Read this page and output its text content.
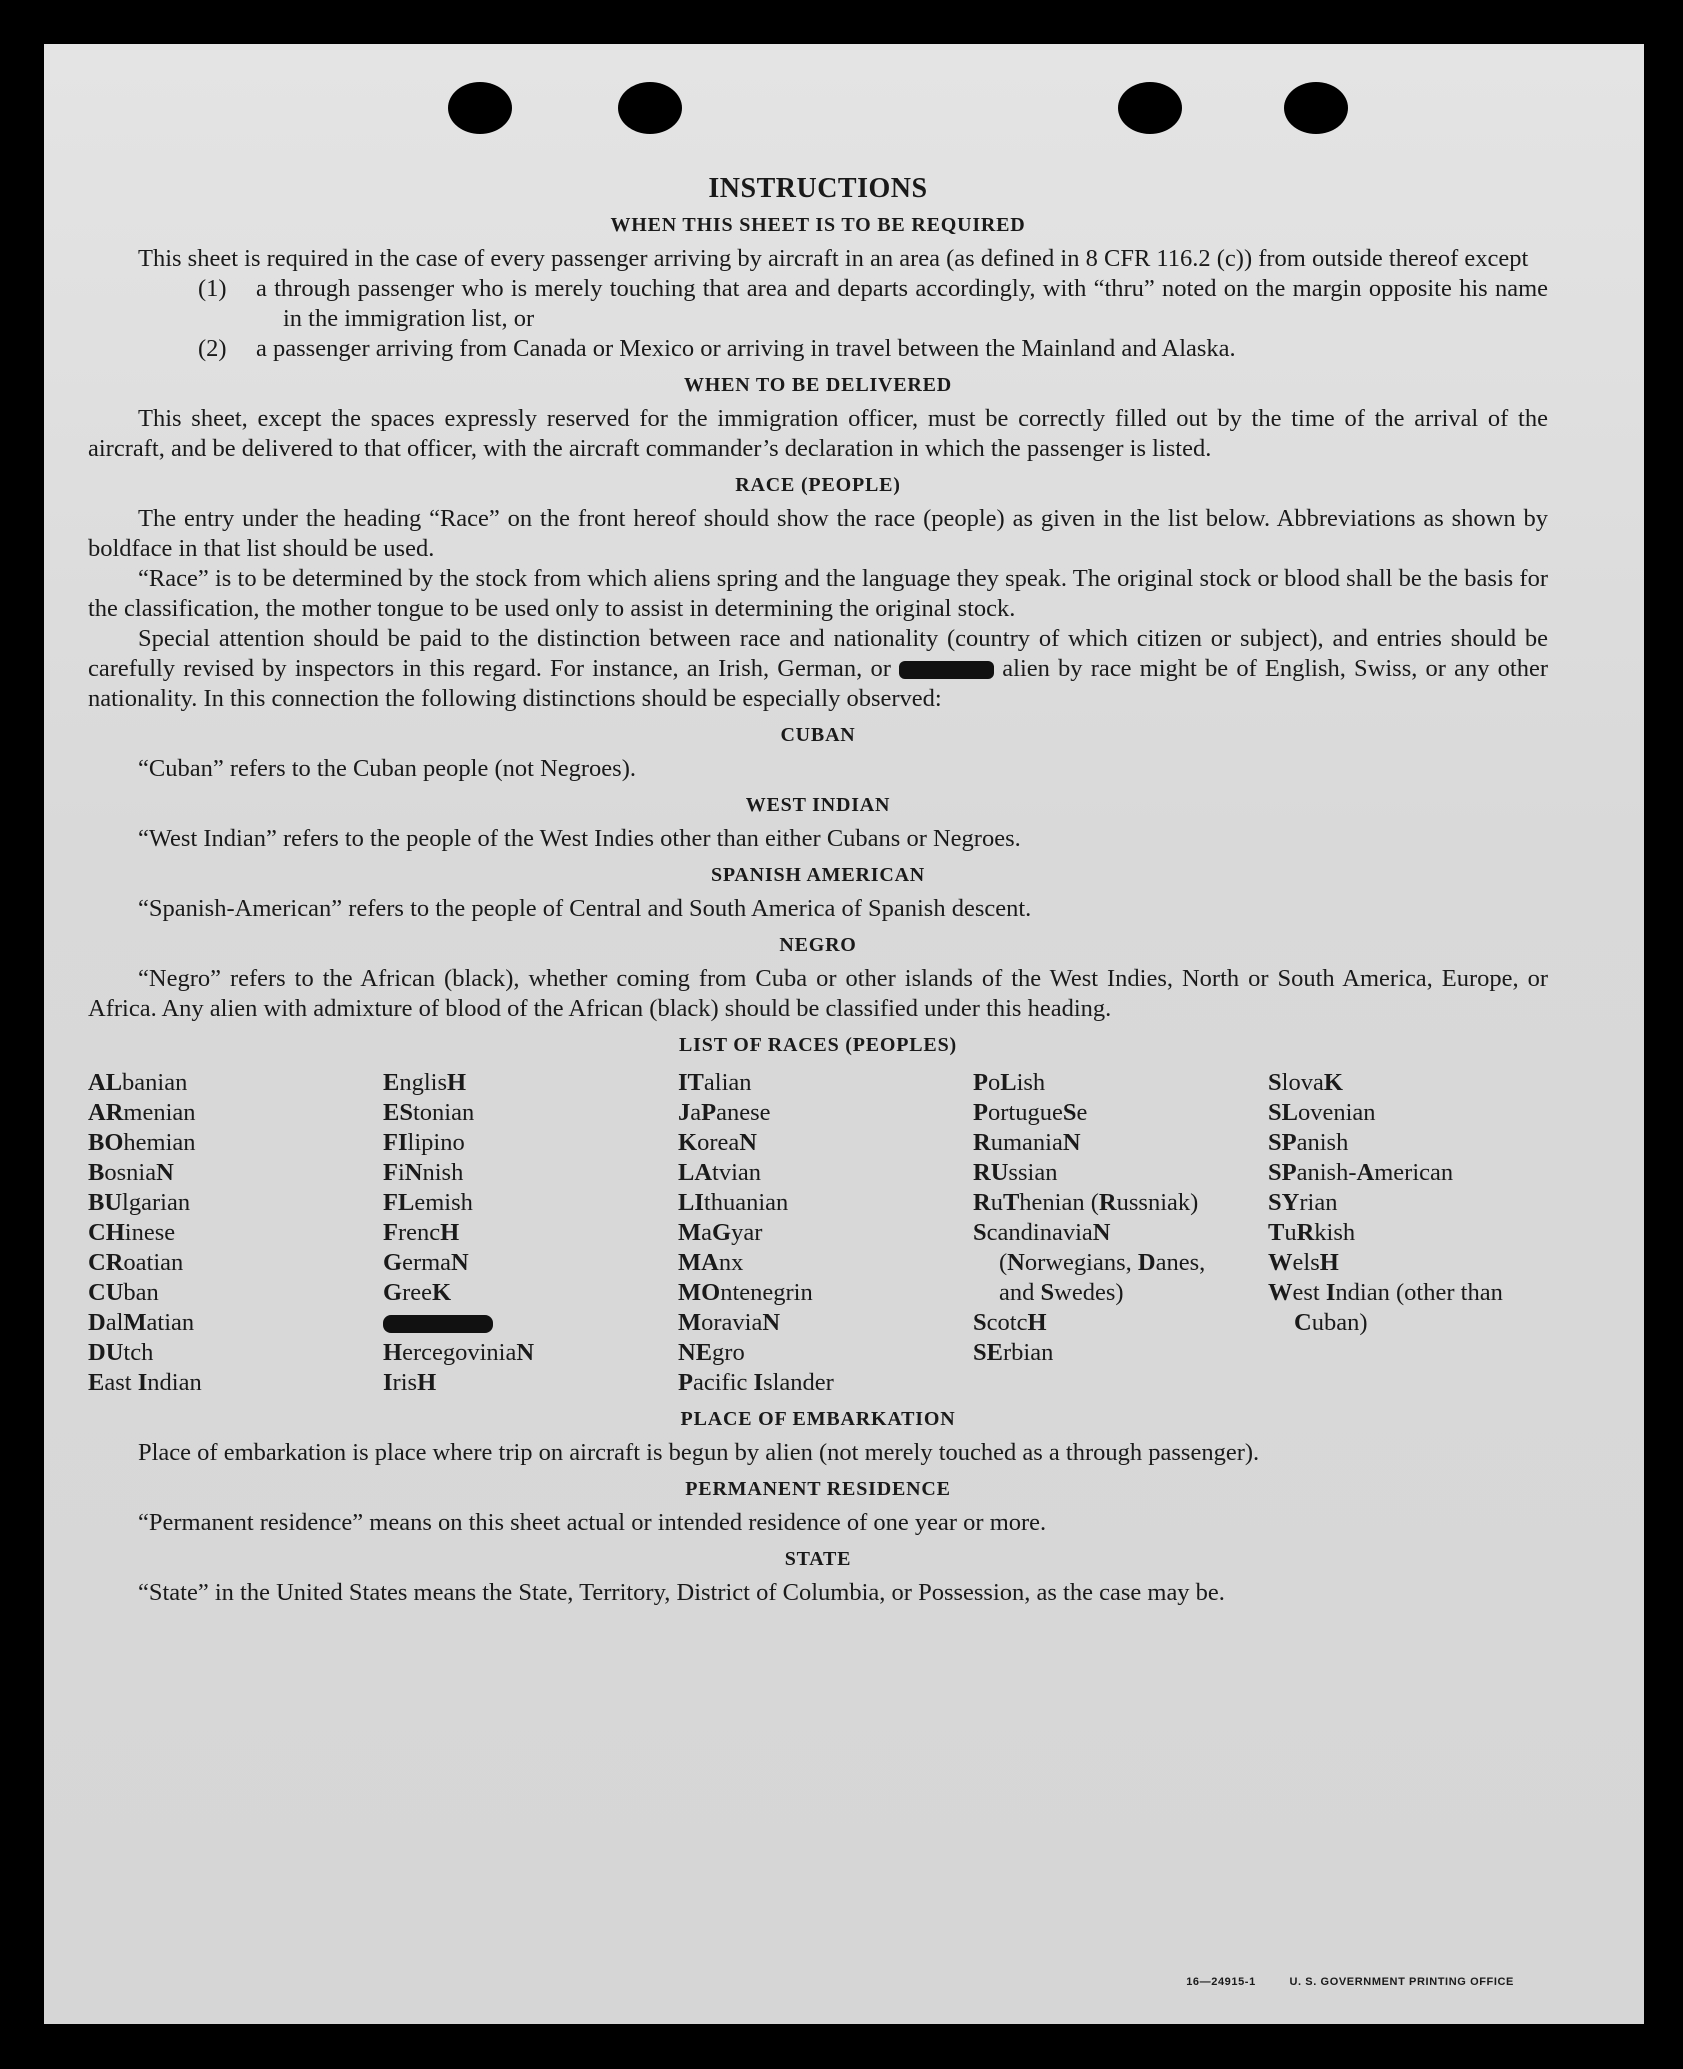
INSTRUCTIONS
WHEN THIS SHEET IS TO BE REQUIRED

This sheet is required in the case of every passenger arriving by aircraft in an area (as defined in 8 CFR 116.2 (c)) from outside thereof except

(1) a through passenger who is merely touching that area and departs accordingly, with “thru” noted on the margin opposite his name in the immigration list, or

(2) a passenger arriving from Canada or Mexico or arriving in travel between the Mainland and Alaska.

WHEN TO BE DELIVERED

This sheet, except the spaces expressly reserved for the immigration officer, must be correctly filled out by the time of the arrival of the aircraft, and be delivered to that officer, with the aircraft commander’s declaration in which the passenger is listed.

RACE (PEOPLE)

The entry under the heading “Race” on the front hereof should show the race (people) as given in the list below. Abbreviations as shown by boldface in that list should be used.

“Race” is to be determined by the stock from which aliens spring and the language they speak. The original stock or blood shall be the basis for the classification, the mother tongue to be used only to assist in determining the original stock.

Special attention should be paid to the distinction between race and nationality (country of which citizen or subject), and entries should be carefully revised by inspectors in this regard. For instance, an Irish, German, or	alien by race might be of English, Swiss, or any other nationality. In this connection the following distinctions should be especially observed:

CUBAN

“Cuban” refers to the Cuban people (not Negroes).

WEST INDIAN

“West Indian” refers to the people of the West Indies other than either Cubans or Negroes.

SPANISH AMERICAN

“Spanish-American” refers to the people of Central and South America of Spanish descent.

NEGRO

“Negro” refers to the African (black), whether coming from Cuba or other islands of the West Indies, North or South America, Europe, or Africa. Any alien with admixture of blood of the African (black) should be classified under this heading.

LIST OF RACES (PEOPLES)
ALbanian
ARmenian
BOhemian
BosniaN
BUlgarian
CHinese
CRoatian
CUban
DalMatian
DUtch
East Indian
EnglisH
EStonian
FIlipino
FiNnish
FLemish
FrencH
GermaN
GreeK
HercegoviniaN
IrisH
ITalian
JaPanese
KoreaN
LAtvian
LIthuanian
MaGyar
MAnx
MOntenegrin
MoraviaN
NEgro
Pacific Islander
PoLish
PortugueSe
RumaniaN
RUssian
RuThenian (Russniak)
ScandinaviaN (Norwegians, Danes, and Swedes)
ScotcH
SErbian
SlovaK
SLovenian
SPanish
SPanish-American
SYrian
TuRkish
WelsH
West Indian (other than Cuban)
PLACE OF EMBARKATION

Place of embarkation is place where trip on aircraft is begun by alien (not merely touched as a through passenger).

PERMANENT RESIDENCE

“Permanent residence” means on this sheet actual or intended residence of one year or more.

STATE

“State” in the United States means the State, Territory, District of Columbia, or Possession, as the case may be.

16—24915-1	U. S. GOVERNMENT PRINTING OFFICE
